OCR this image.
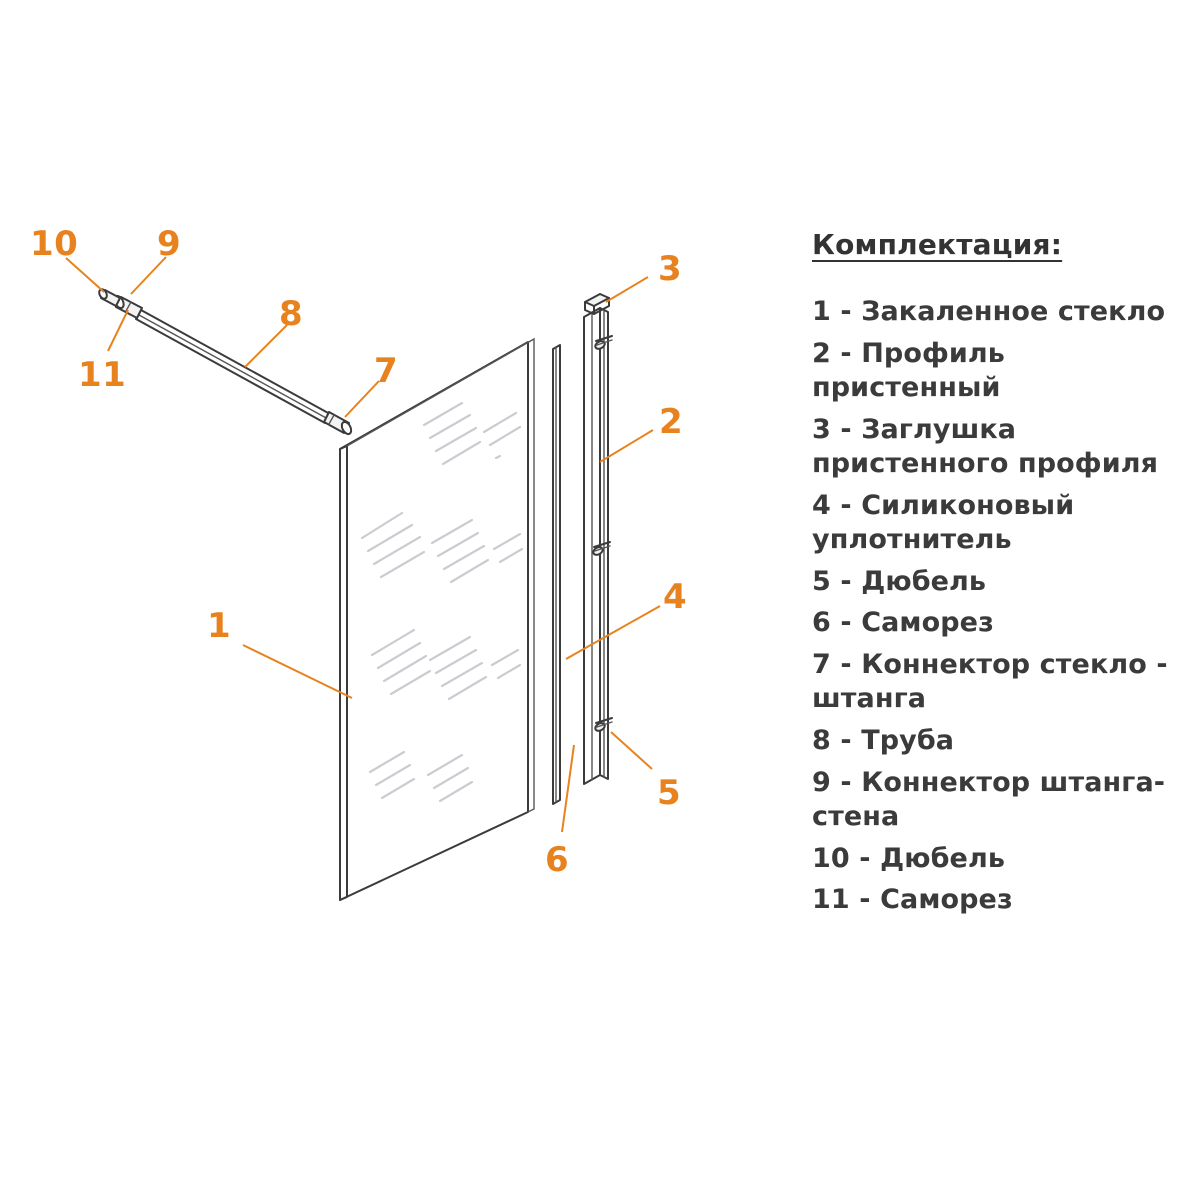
1
2
3
4
5
6
7
8
9
10
11
Комплектация:
1 - Закаленное стекло
2 - Профиль пристенный
3 - Заглушка пристенного профиля
4 - Силиконовый уплотнитель
5 - Дюбель
6 - Саморез
7 - Коннектор стекло - штанга
8 - Труба
9 - Коннектор штанга-стена
10 - Дюбель
11 - Саморез
